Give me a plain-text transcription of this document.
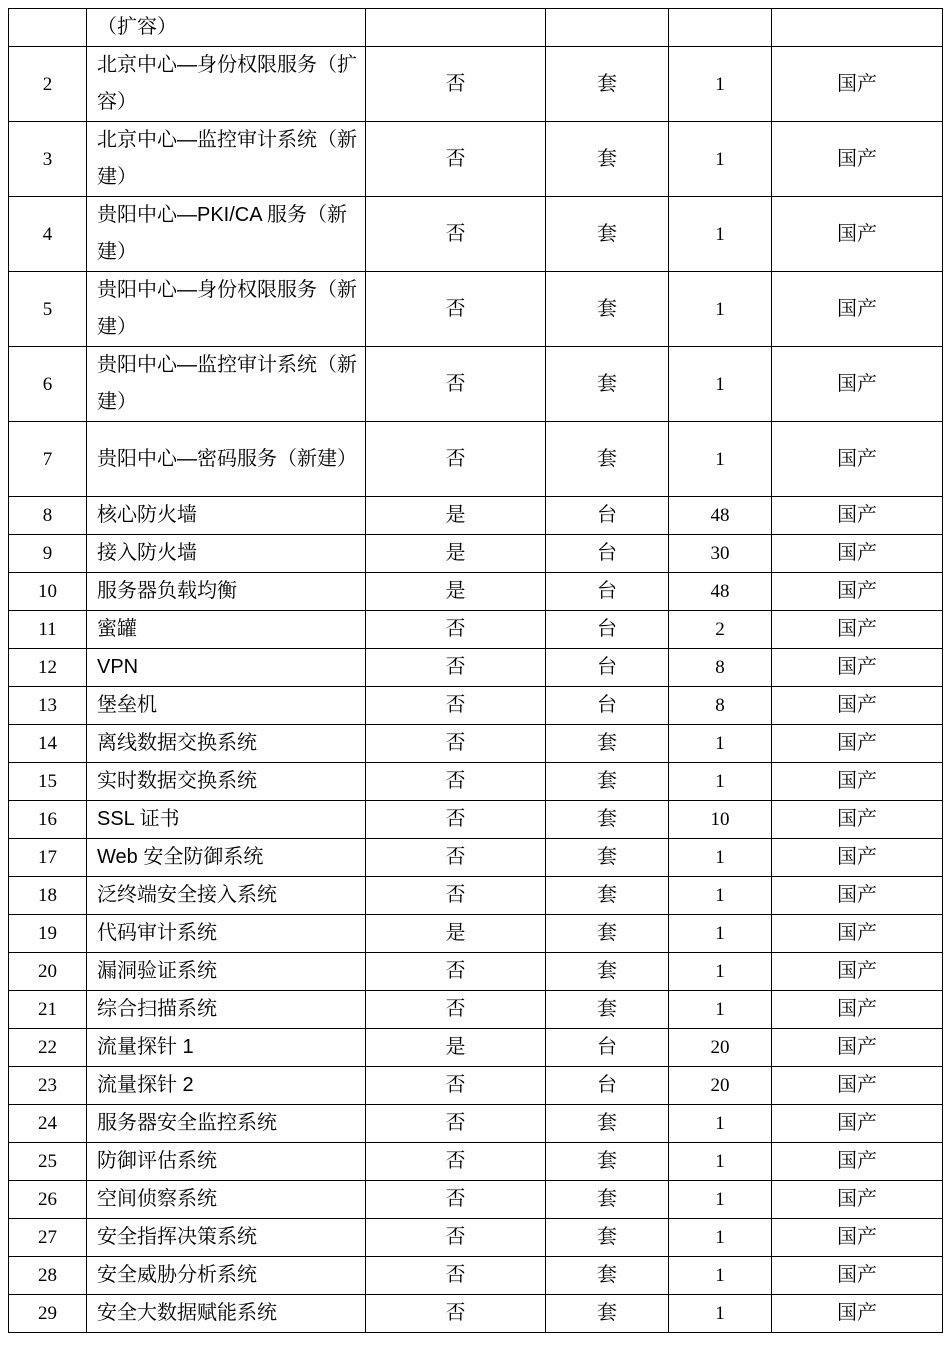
	（扩容）				
2	北京中心—身份权限服务（扩容）	否	套	1	国产
3	北京中心—监控审计系统（新建）	否	套	1	国产
4	贵阳中心—PKI/CA 服务（新建）	否	套	1	国产
5	贵阳中心—身份权限服务（新建）	否	套	1	国产
6	贵阳中心—监控审计系统（新建）	否	套	1	国产
7	贵阳中心—密码服务（新建）	否	套	1	国产
8	核心防火墙	是	台	48	国产
9	接入防火墙	是	台	30	国产
10	服务器负载均衡	是	台	48	国产
11	蜜罐	否	台	2	国产
12	VPN	否	台	8	国产
13	堡垒机	否	台	8	国产
14	离线数据交换系统	否	套	1	国产
15	实时数据交换系统	否	套	1	国产
16	SSL 证书	否	套	10	国产
17	Web 安全防御系统	否	套	1	国产
18	泛终端安全接入系统	否	套	1	国产
19	代码审计系统	是	套	1	国产
20	漏洞验证系统	否	套	1	国产
21	综合扫描系统	否	套	1	国产
22	流量探针 1	是	台	20	国产
23	流量探针 2	否	台	20	国产
24	服务器安全监控系统	否	套	1	国产
25	防御评估系统	否	套	1	国产
26	空间侦察系统	否	套	1	国产
27	安全指挥决策系统	否	套	1	国产
28	安全威胁分析系统	否	套	1	国产
29	安全大数据赋能系统	否	套	1	国产
